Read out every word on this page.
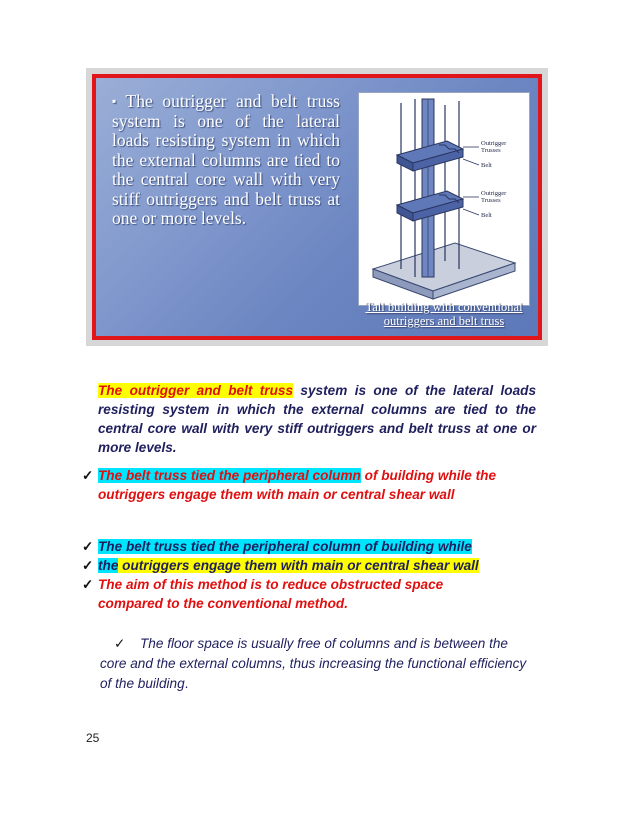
▪ The outrigger and belt truss system is one of the lateral loads resisting system in which the external columns are tied to the central core wall with very stiff outriggers and belt truss at one or more levels.

Outrigger
Trusses
Belt
Outrigger
Trusses
Belt

Tall building with conventional
outriggers and belt truss

The outrigger and belt truss system is one of the lateral loads resisting system in which the external columns are tied to the central core wall with very stiff outriggers and belt truss at one or more levels.

✓ The belt truss tied the peripheral column of building while the
outriggers engage them with main or central shear wall

✓ The belt truss tied the peripheral column of building while

✓ the outriggers engage them with main or central shear wall

✓ The aim of this method is to reduce obstructed space
compared to the conventional method.

✓ The floor space is usually free of columns and is between the core and the external columns, thus increasing the functional efficiency of the building.

25
